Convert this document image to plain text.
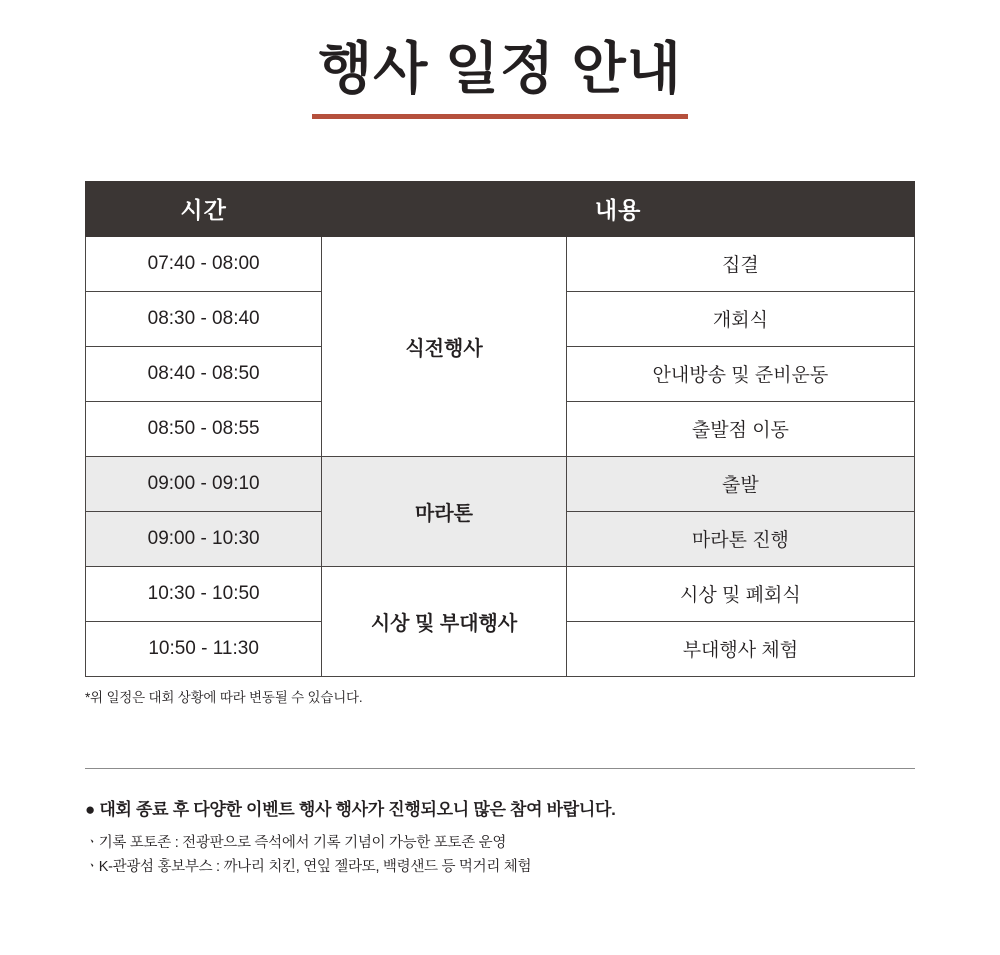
행사 일정 안내
시간	내용	
07:40 - 08:00	식전행사	집결
08:30 - 08:40		개회식
08:40 - 08:50		안내방송 및 준비운동
08:50 - 08:55		출발점 이동
09:00 - 09:10	마라톤	출발
09:00 - 10:30		마라톤 진행
10:30 - 10:50	시상 및 부대행사	시상 및 폐회식
10:50 - 11:30		부대행사 체험
*위 일정은 대회 상황에 따라 변동될 수 있습니다.
● 대회 종료 후 다양한 이벤트 행사 행사가 진행되오니 많은 참여 바랍니다.
ㆍ기록 포토존 : 전광판으로 즉석에서 기록 기념이 가능한 포토존 운영
ㆍK-관광섬 홍보부스 : 까나리 치킨, 연잎 젤라또, 백령샌드 등 먹거리 체험
